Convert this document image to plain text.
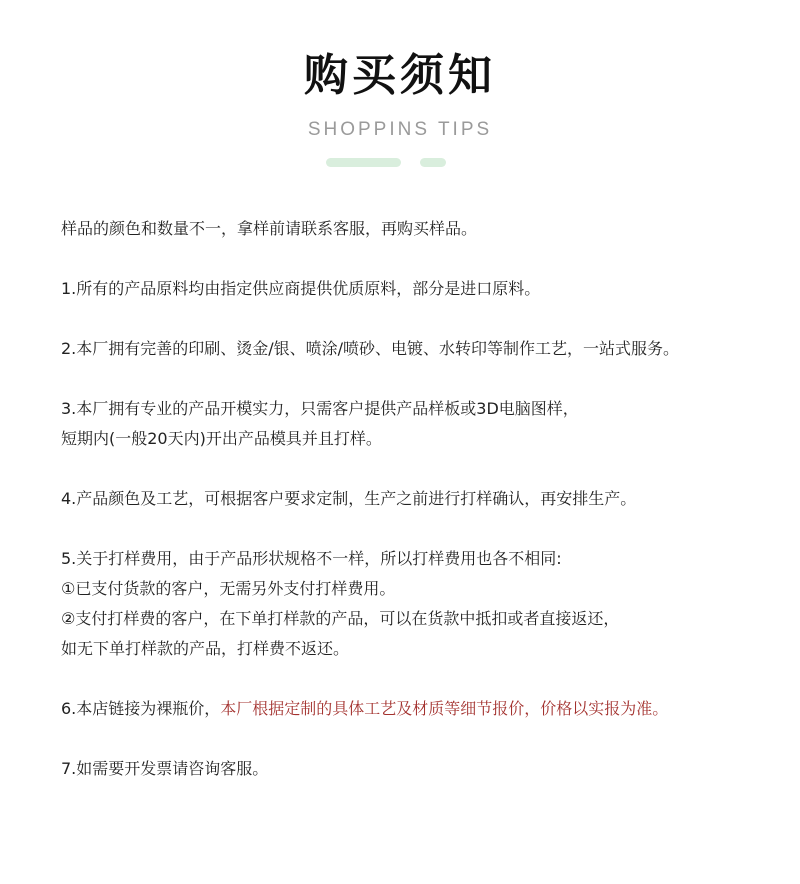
购买须知
SHOPPINS TIPS

样品的颜色和数量不一，拿样前请联系客服，再购买样品。

1.所有的产品原料均由指定供应商提供优质原料，部分是进口原料。

2.本厂拥有完善的印刷、烫金/银、喷涂/喷砂、电镀、水转印等制作工艺，一站式服务。

3.本厂拥有专业的产品开模实力，只需客户提供产品样板或3D电脑图样，
短期内(一般20天内)开出产品模具并且打样。

4.产品颜色及工艺，可根据客户要求定制，生产之前进行打样确认，再安排生产。

5.关于打样费用，由于产品形状规格不一样，所以打样费用也各不相同:
①已支付货款的客户，无需另外支付打样费用。
②支付打样费的客户，在下单打样款的产品，可以在货款中抵扣或者直接返还，
如无下单打样款的产品，打样费不返还。

6.本店链接为裸瓶价，本厂根据定制的具体工艺及材质等细节报价，价格以实报为准。

7.如需要开发票请咨询客服。
